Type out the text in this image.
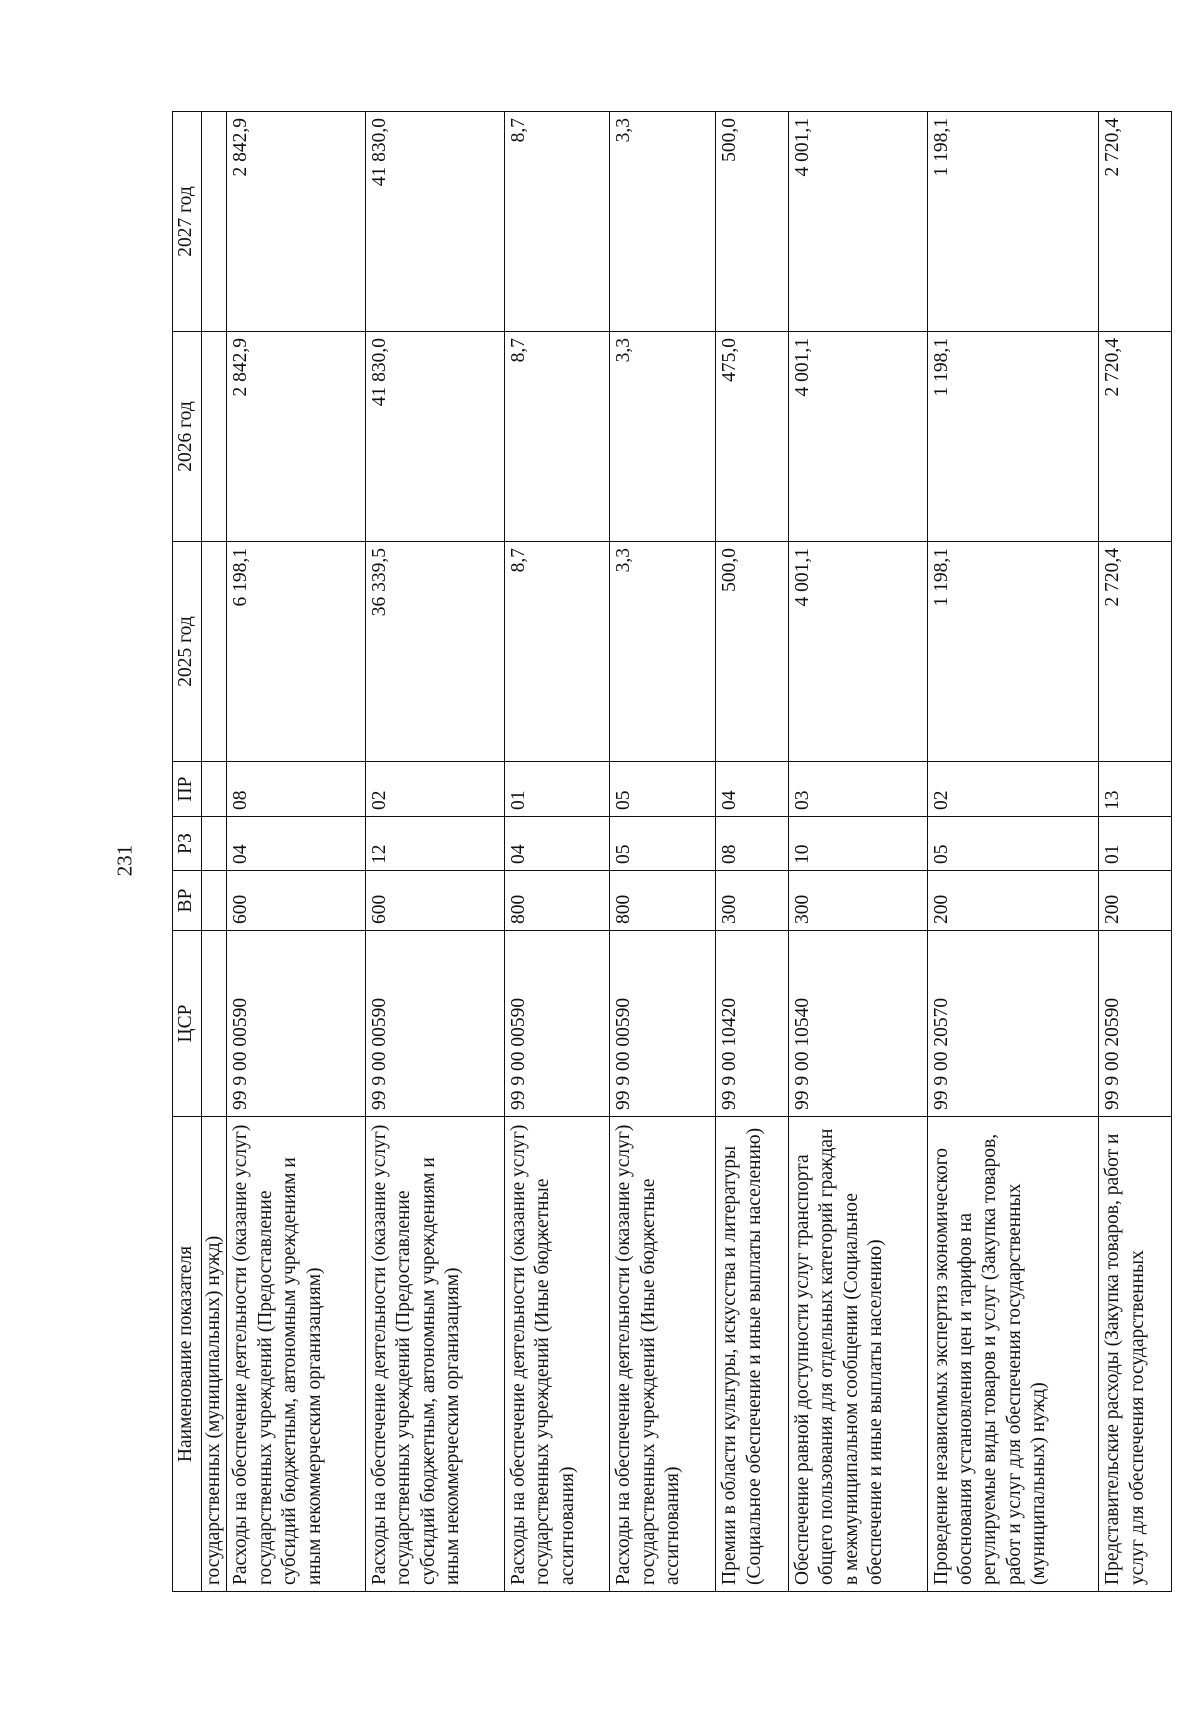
231
Наименование показателя	ЦСР	ВР	РЗ	ПР	2025 год	2026 год	2027 год
государственных (муниципальных) нужд)							
Расходы на обеспечение деятельности (оказание услуг) государственных учреждений (Предоставление субсидий бюджетным, автономным учреждениям и иным некоммерческим организациям)	99 9 00 00590	600	04	08	6 198,1	2 842,9	2 842,9
Расходы на обеспечение деятельности (оказание услуг) государственных учреждений (Предоставление субсидий бюджетным, автономным учреждениям и иным некоммерческим организациям)	99 9 00 00590	600	12	02	36 339,5	41 830,0	41 830,0
Расходы на обеспечение деятельности (оказание услуг) государственных учреждений (Иные бюджетные ассигнования)	99 9 00 00590	800	04	01	8,7	8,7	8,7
Расходы на обеспечение деятельности (оказание услуг) государственных учреждений (Иные бюджетные ассигнования)	99 9 00 00590	800	05	05	3,3	3,3	3,3
Премии в области культуры, искусства и литературы (Социальное обеспечение и иные выплаты населению)	99 9 00 10420	300	08	04	500,0	475,0	500,0
Обеспечение равной доступности услуг транспорта общего пользования для отдельных категорий граждан в межмуниципальном сообщении (Социальное обеспечение и иные выплаты населению)	99 9 00 10540	300	10	03	4 001,1	4 001,1	4 001,1
Проведение независимых экспертиз экономического обоснования установления цен и тарифов на регулируемые виды товаров и услуг (Закупка товаров, работ и услуг для обеспечения государственных (муниципальных) нужд)	99 9 00 20570	200	05	02	1 198,1	1 198,1	1 198,1
Представительские расходы (Закупка товаров, работ и услуг для обеспечения государственных	99 9 00 20590	200	01	13	2 720,4	2 720,4	2 720,4
